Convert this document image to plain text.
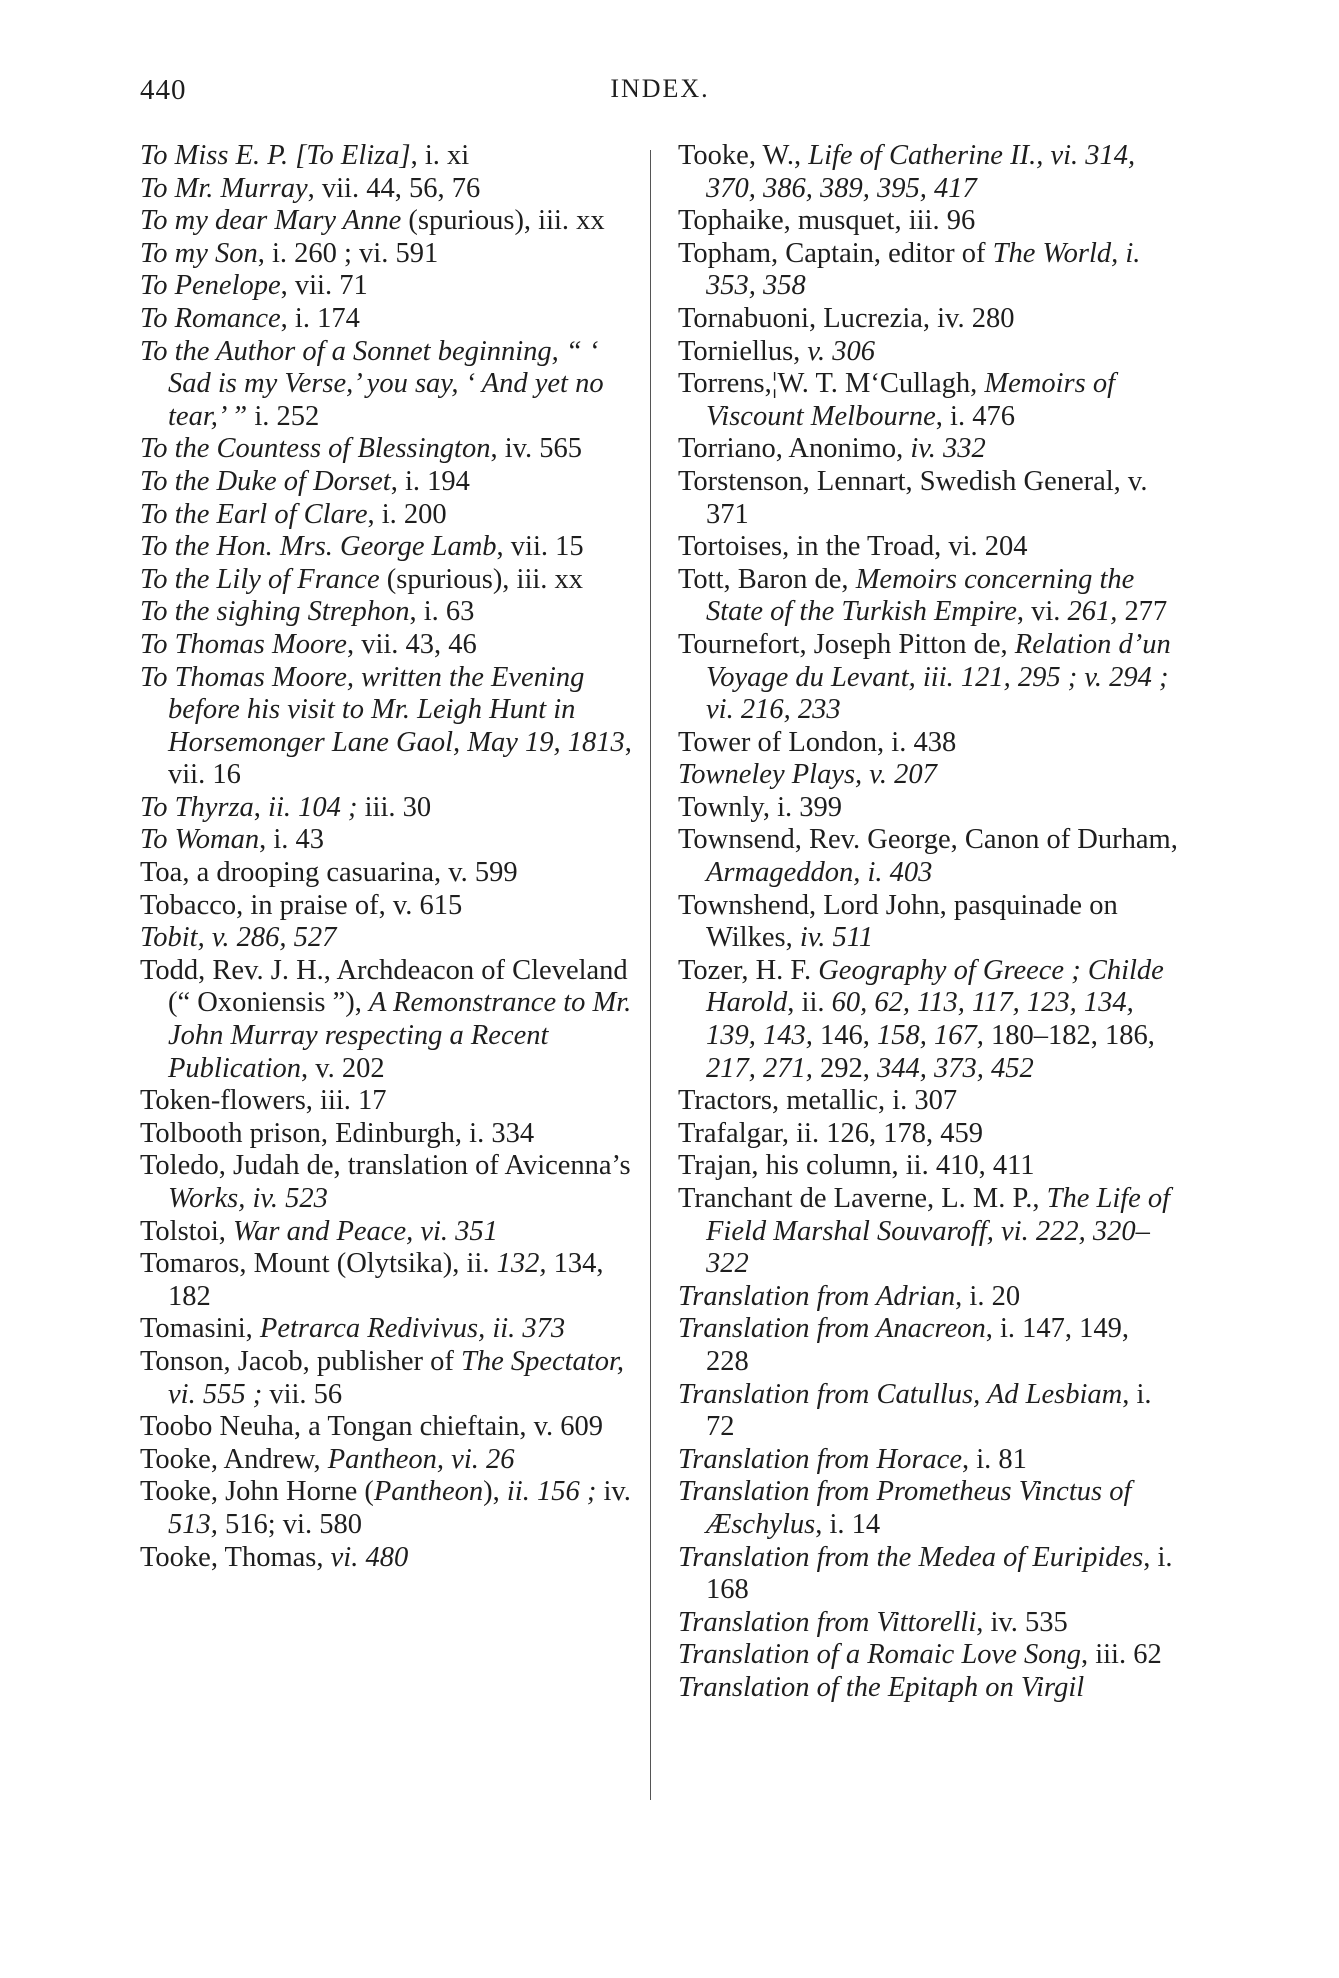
440	INDEX.

To Miss E. P. [To Eliza], i. xi

To Mr. Murray, vii. 44, 56, 76

To my dear Mary Anne (spurious), iii. xx

To my Son, i. 260 ; vi. 591

To Penelope, vii. 71

To Romance, i. 174

To the Author of a Sonnet beginning, “ ‘ Sad is my Verse,’ you say, ‘ And yet no tear,’ ” i. 252

To the Countess of Blessington, iv. 565

To the Duke of Dorset, i. 194

To the Earl of Clare, i. 200

To the Hon. Mrs. George Lamb, vii. 15

To the Lily of France (spurious), iii. xx

To the sighing Strephon, i. 63

To Thomas Moore, vii. 43, 46

To Thomas Moore, written the Evening before his visit to Mr. Leigh Hunt in Horsemonger Lane Gaol, May 19, 1813, vii. 16

To Thyrza, ii. 104 ; iii. 30

To Woman, i. 43

Toa, a drooping casuarina, v. 599

Tobacco, in praise of, v. 615

Tobit, v. 286, 527

Todd, Rev. J. H., Archdeacon of Cleveland (“ Oxoniensis ”), A Remonstrance to Mr. John Murray respecting a Recent Publication, v. 202

Token-flowers, iii. 17

Tolbooth prison, Edinburgh, i. 334

Toledo, Judah de, translation of Avicenna’s Works, iv. 523

Tolstoi, War and Peace, vi. 351

Tomaros, Mount (Olytsika), ii. 132, 134, 182

Tomasini, Petrarca Redivivus, ii. 373

Tonson, Jacob, publisher of The Spectator, vi. 555 ; vii. 56

Toobo Neuha, a Tongan chieftain, v. 609

Tooke, Andrew, Pantheon, vi. 26

Tooke, John Horne (Pantheon), ii. 156 ; iv. 513, 516; vi. 580

Tooke, Thomas, vi. 480

Tooke, W., Life of Catherine II., vi. 314, 370, 386, 389, 395, 417

Tophaike, musquet, iii. 96

Topham, Captain, editor of The World, i. 353, 358

Tornabuoni, Lucrezia, iv. 280

Torniellus, v. 306

Torrens,¦W. T. M‘Cullagh, Memoirs of Viscount Melbourne, i. 476

Torriano, Anonimo, iv. 332

Torstenson, Lennart, Swedish General, v. 371

Tortoises, in the Troad, vi. 204

Tott, Baron de, Memoirs concerning the State of the Turkish Empire, vi. 261, 277

Tournefort, Joseph Pitton de, Relation d’un Voyage du Levant, iii. 121, 295 ; v. 294 ; vi. 216, 233

Tower of London, i. 438

Towneley Plays, v. 207

Townly, i. 399

Townsend, Rev. George, Canon of Durham, Armageddon, i. 403

Townshend, Lord John, pasquinade on Wilkes, iv. 511

Tozer, H. F. Geography of Greece ; Childe Harold, ii. 60, 62, 113, 117, 123, 134, 139, 143, 146, 158, 167, 180–182, 186, 217, 271, 292, 344, 373, 452

Tractors, metallic, i. 307

Trafalgar, ii. 126, 178, 459

Trajan, his column, ii. 410, 411

Tranchant de Laverne, L. M. P., The Life of Field Marshal Souvaroff, vi. 222, 320–322

Translation from Adrian, i. 20

Translation from Anacreon, i. 147, 149, 228

Translation from Catullus, Ad Lesbiam, i. 72

Translation from Horace, i. 81

Translation from Prometheus Vinctus of Æschylus, i. 14

Translation from the Medea of Euripides, i. 168

Translation from Vittorelli, iv. 535

Translation of a Romaic Love Song, iii. 62

Translation of the Epitaph on Virgil
